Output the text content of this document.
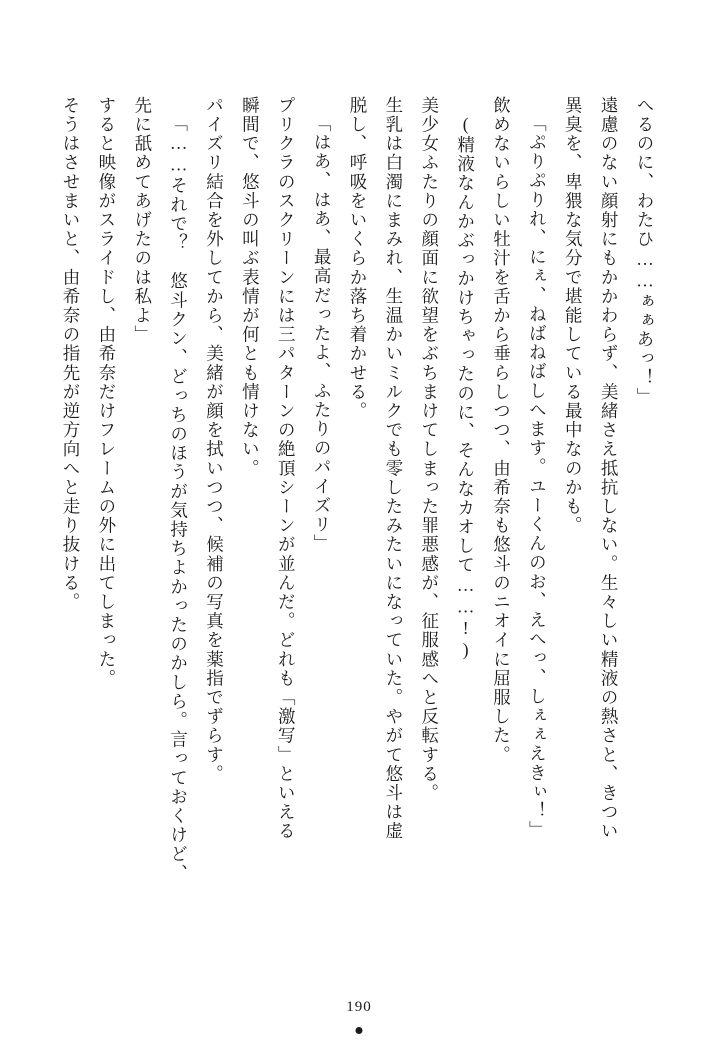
へるのに、わたひ……ぁぁあっ！」

遠慮のない顔射にもかかわらず、美緒さえ抵抗しない。生々しい精液の熱さと、きつい

異臭を、卑猥な気分で堪能している最中なのかも。

「ぷりぷりれ、にぇ、ねばねばしへます。ユーくんのお、えへっ、しぇぇえきぃ！」

飲めないらしい牡汁を舌から垂らしつつ、由希奈も悠斗のニオイに屈服した。

(精液なんかぶっかけちゃったのに、そんなカオして……!)

美少女ふたりの顔面に欲望をぶちまけてしまった罪悪感が、征服感へと反転する。

生乳は白濁にまみれ、生温かいミルクでも零したみたいになっていた。やがて悠斗は虚

脱し、呼吸をいくらか落ち着かせる。

「はあ、はあ、最高だったよ、ふたりのパイズリ」

プリクラのスクリーンには三パターンの絶頂シーンが並んだ。どれも「激写」といえる

瞬間で、悠斗の叫ぶ表情が何とも情けない。

パイズリ結合を外してから、美緒が顔を拭いつつ、候補の写真を薬指でずらす。

「……それで？　悠斗クン、どっちのほうが気持ちよかったのかしら。言っておくけど、

先に舐めてあげたのは私よ」

すると映像がスライドし、由希奈だけフレームの外に出てしまった。

そうはさせまいと、由希奈の指先が逆方向へと走り抜ける。

190
